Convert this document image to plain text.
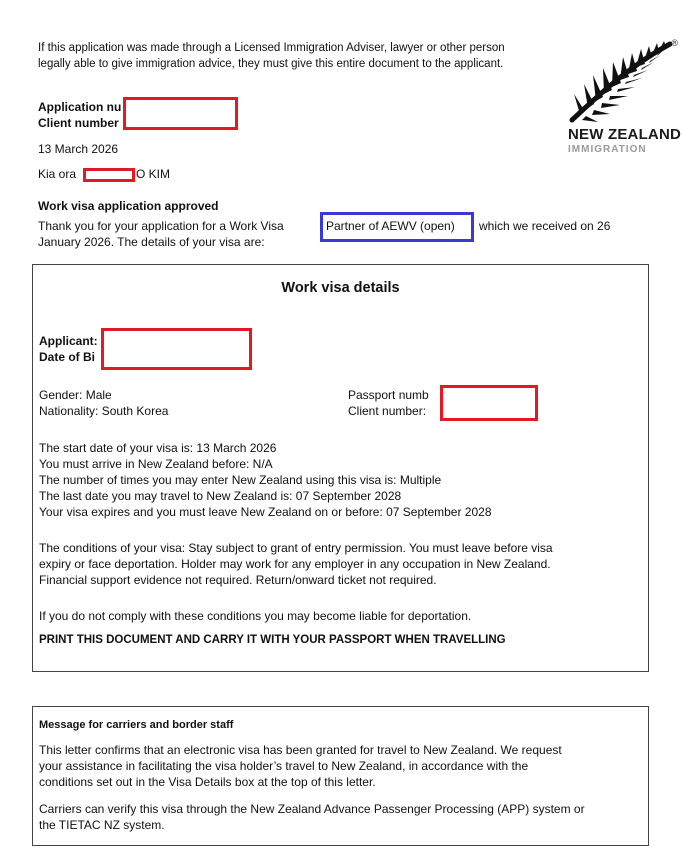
If this application was made through a Licensed Immigration Adviser, lawyer or other person
legally able to give immigration advice, they must give this entire document to the applicant.
®
NEW ZEALAND
IMMIGRATION
Application nu
Client number
13 March 2026
Kia ora	O KIM
Work visa application approved
Thank you for your application for a Work Visa	Partner of AEWV (open) which we received on 26
January 2026. The details of your visa are:
Work visa details
Applicant:
Date of Bi
Gender: Male
Nationality: South Korea
Passport numb
Client number:
The start date of your visa is: 13 March 2026
You must arrive in New Zealand before: N/A
The number of times you may enter New Zealand using this visa is: Multiple
The last date you may travel to New Zealand is: 07 September 2028
Your visa expires and you must leave New Zealand on or before: 07 September 2028
The conditions of your visa: Stay subject to grant of entry permission. You must leave before visa
expiry or face deportation. Holder may work for any employer in any occupation in New Zealand.
Financial support evidence not required. Return/onward ticket not required.
If you do not comply with these conditions you may become liable for deportation.
PRINT THIS DOCUMENT AND CARRY IT WITH YOUR PASSPORT WHEN TRAVELLING
Message for carriers and border staff
This letter confirms that an electronic visa has been granted for travel to New Zealand. We request
your assistance in facilitating the visa holder’s travel to New Zealand, in accordance with the
conditions set out in the Visa Details box at the top of this letter.
Carriers can verify this visa through the New Zealand Advance Passenger Processing (APP) system or
the TIETAC NZ system.
